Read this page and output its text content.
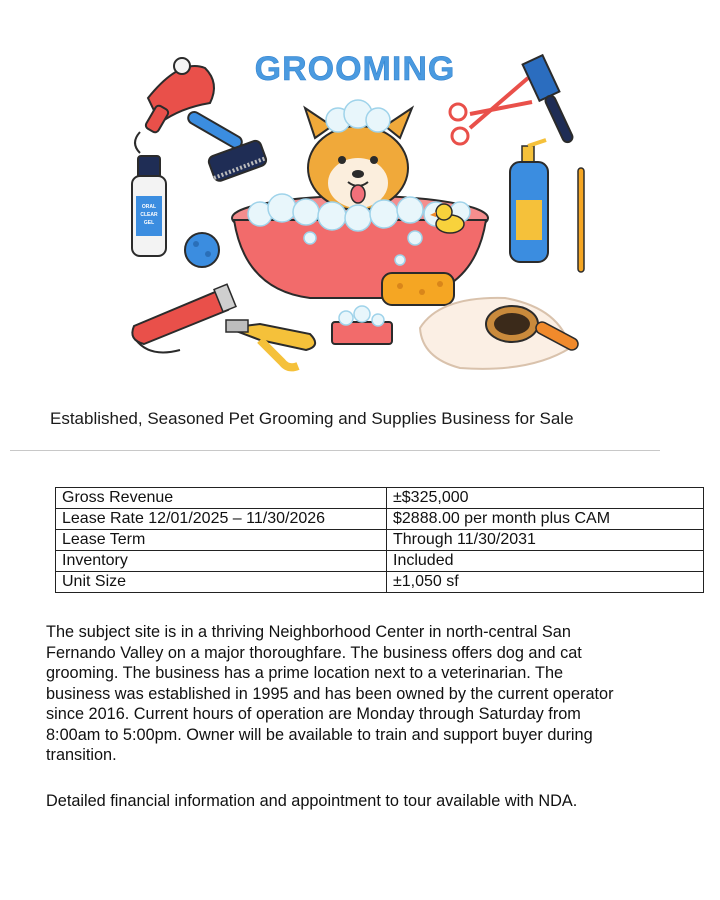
GROOMING
ORAL
CLEAR
GEL
Established, Seasoned Pet Grooming and Supplies Business for Sale
Gross Revenue	±$325,000
Lease Rate 12/01/2025 – 11/30/2026	$2888.00 per month plus CAM
Lease Term	Through 11/30/2031
Inventory	Included
Unit Size	±1,050 sf

The subject site is in a thriving Neighborhood Center in north-central San
Fernando Valley on a major thoroughfare. The business offers dog and cat
grooming. The business has a prime location next to a veterinarian. The
business was established in 1995 and has been owned by the current operator
since 2016. Current hours of operation are Monday through Saturday from
8:00am to 5:00pm. Owner will be available to train and support buyer during
transition.

Detailed financial information and appointment to tour available with NDA.
